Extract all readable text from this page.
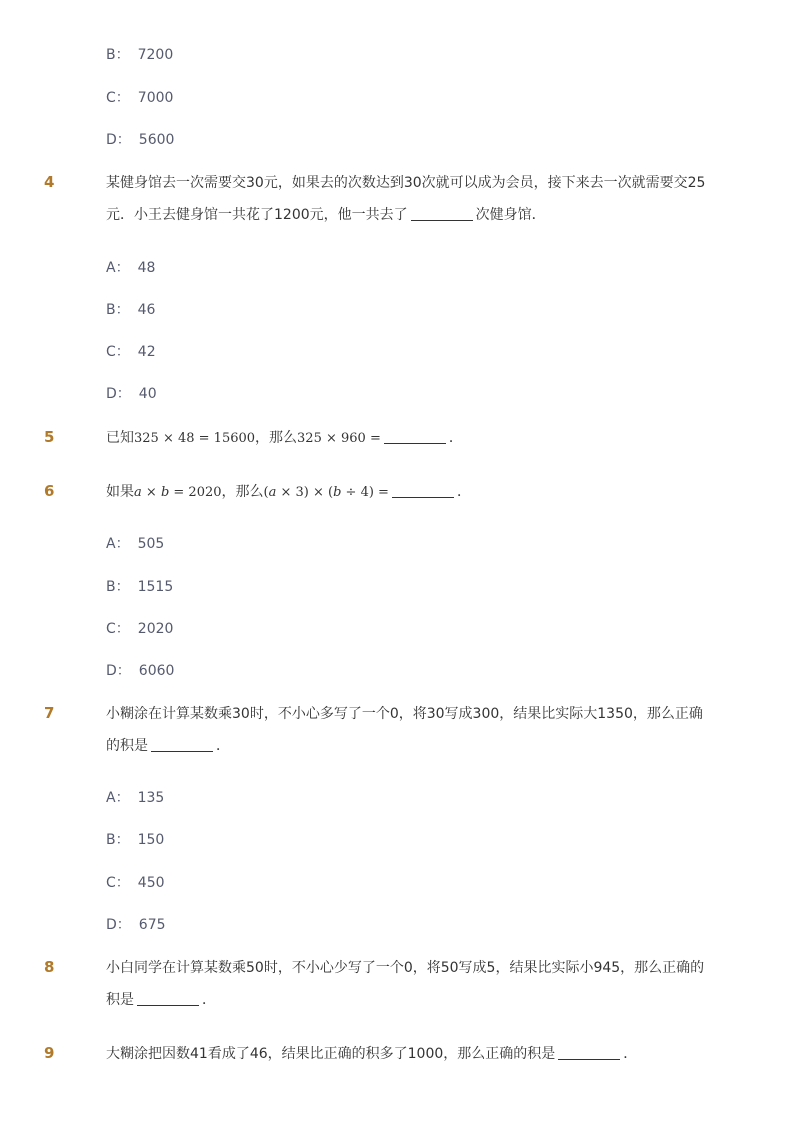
B： 7200
C： 7000
D： 5600
4	某健身馆去一次需要交30元，如果去的次数达到30次就可以成为会员，接下来去一次就需要交25
元．小王去健身馆一共花了1200元，他一共去了	次健身馆．
A： 48
B： 46
C： 42
D： 40
5	已知325 × 48 = 15600，那么325 × 960 =	．
6	如果a × b = 2020，那么(a × 3) × (b ÷ 4) =	．
A： 505
B： 1515
C： 2020
D： 6060
7	小糊涂在计算某数乘30时，不小心多写了一个0，将30写成300，结果比实际大1350，那么正确
的积是	．
A： 135
B： 150
C： 450
D： 675
8	小白同学在计算某数乘50时，不小心少写了一个0，将50写成5，结果比实际小945，那么正确的
积是	．
9	大糊涂把因数41看成了46，结果比正确的积多了1000，那么正确的积是	．
